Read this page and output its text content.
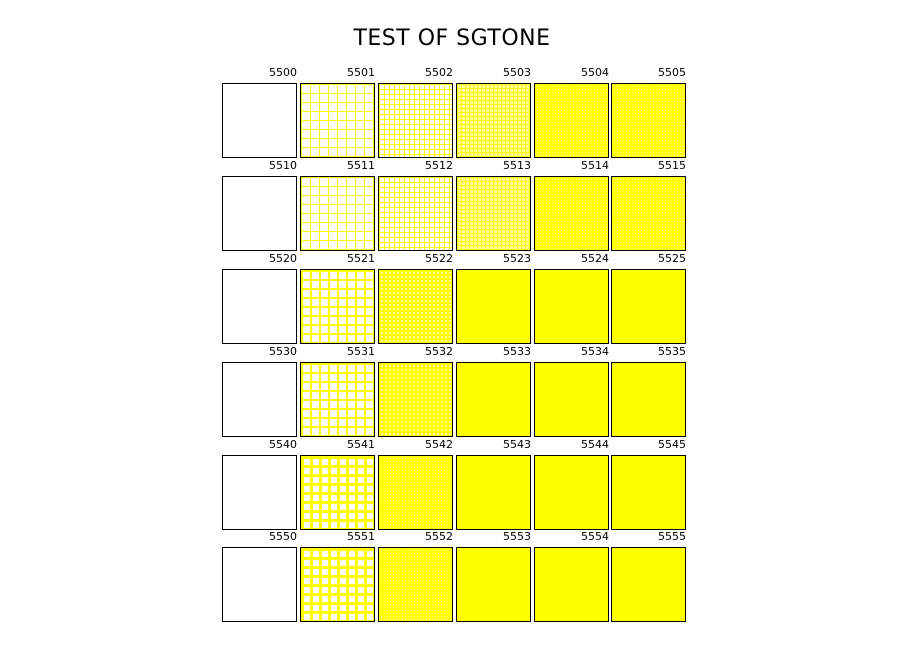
TEST OF SGTONE
5500	5501	5502	5503	5504	5505
5510	5511	5512	5513	5514	5515
5520	5521	5522	5523	5524	5525
5530	5531	5532	5533	5534	5535
5540	5541	5542	5543	5544	5545
5550	5551	5552	5553	5554	5555
